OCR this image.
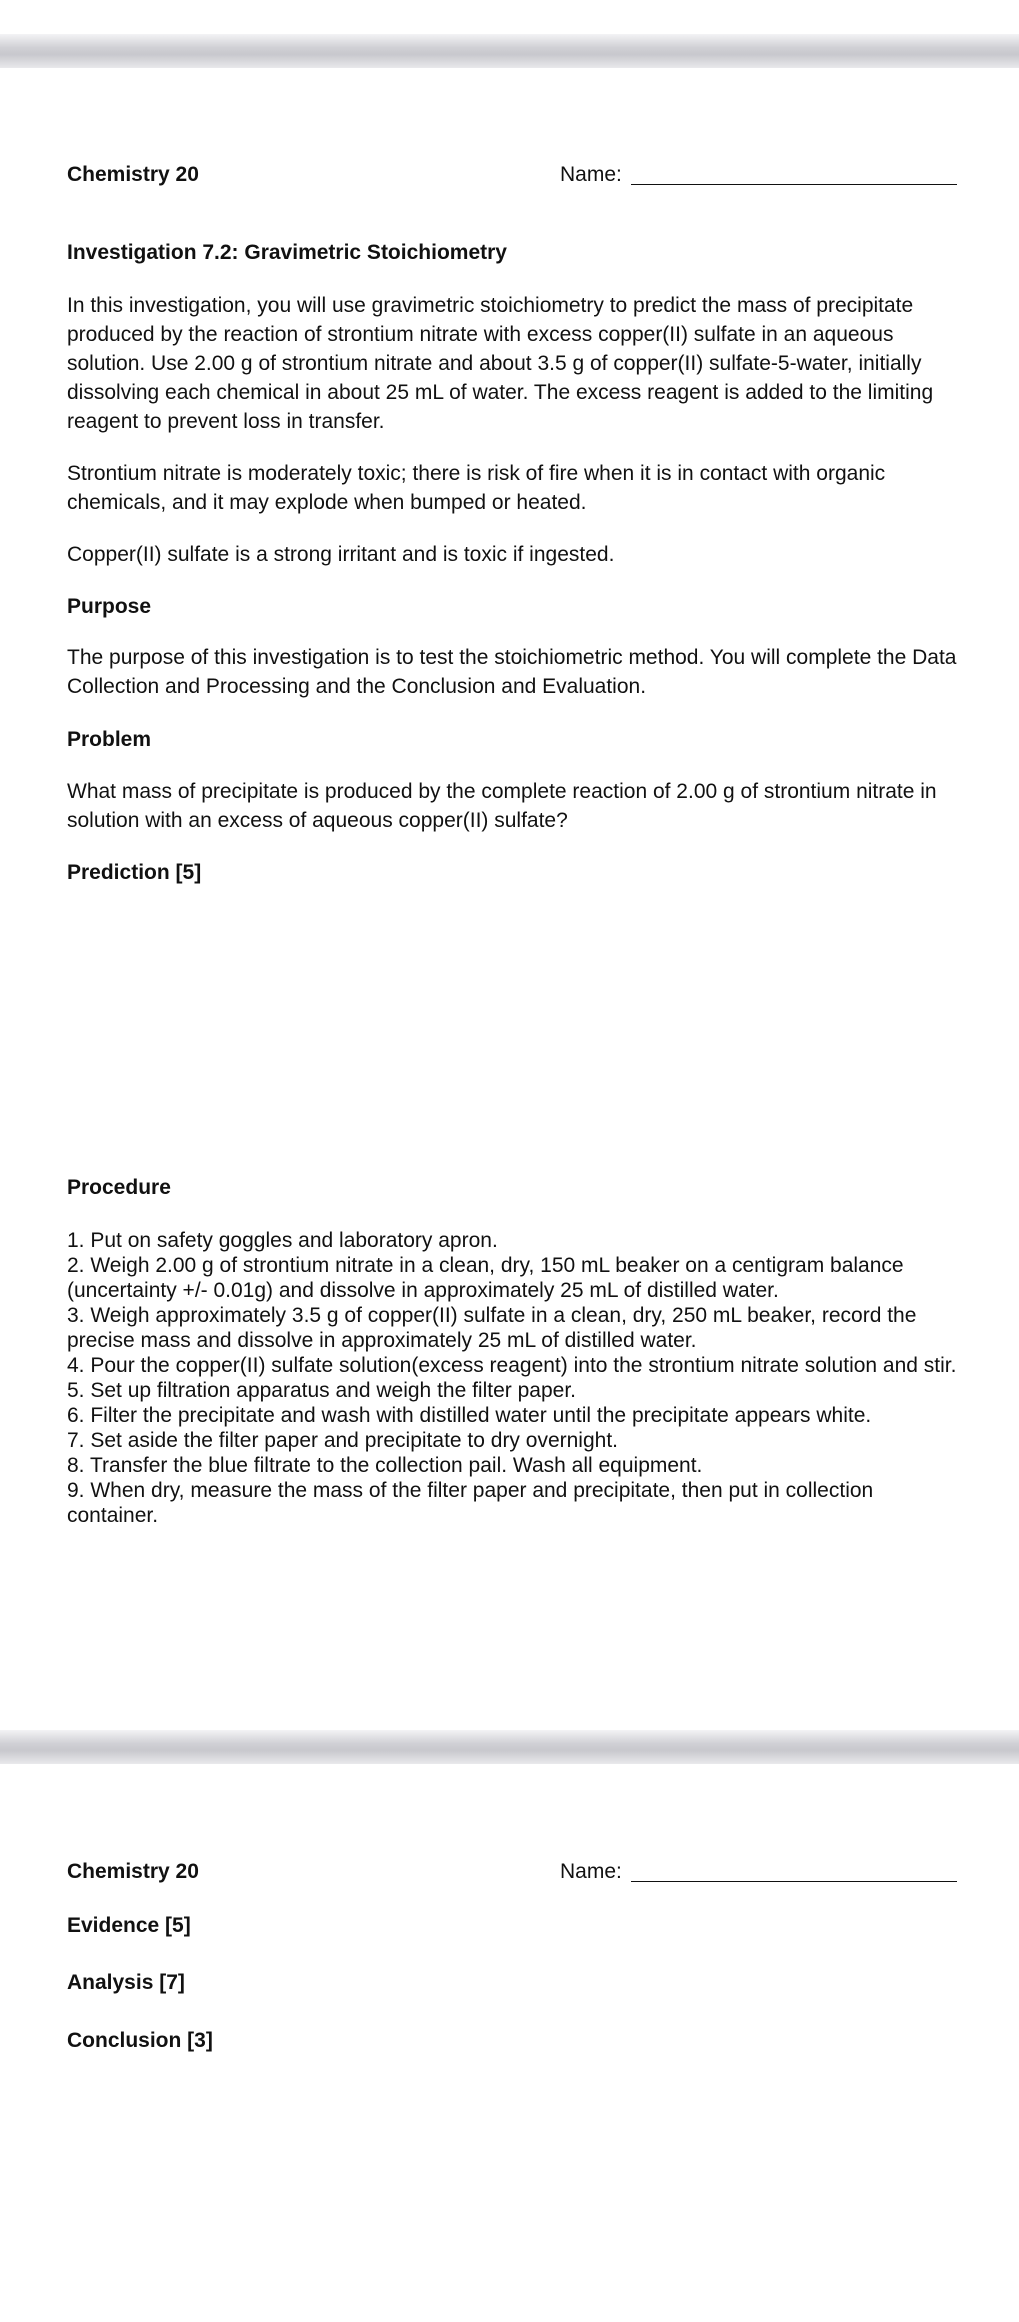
Chemistry 20	Name:

Investigation 7.2: Gravimetric Stoichiometry

In this investigation, you will use gravimetric stoichiometry to predict the mass of precipitate produced by the reaction of strontium nitrate with excess copper(II) sulfate in an aqueous solution. Use 2.00 g of strontium nitrate and about 3.5 g of copper(II) sulfate-5-water, initially dissolving each chemical in about 25 mL of water. The excess reagent is added to the limiting reagent to prevent loss in transfer.

Strontium nitrate is moderately toxic; there is risk of fire when it is in contact with organic chemicals, and it may explode when bumped or heated.

Copper(II) sulfate is a strong irritant and is toxic if ingested.

Purpose

The purpose of this investigation is to test the stoichiometric method. You will complete the Data Collection and Processing and the Conclusion and Evaluation.

Problem

What mass of precipitate is produced by the complete reaction of 2.00 g of strontium nitrate in solution with an excess of aqueous copper(II) sulfate?

Prediction [5]

Procedure

1. Put on safety goggles and laboratory apron.
2. Weigh 2.00 g of strontium nitrate in a clean, dry, 150 mL beaker on a centigram balance (uncertainty +/- 0.01g) and dissolve in approximately 25 mL of distilled water.
3. Weigh approximately 3.5 g of copper(II) sulfate in a clean, dry, 250 mL beaker, record the precise mass and dissolve in approximately 25 mL of distilled water.
4. Pour the copper(II) sulfate solution(excess reagent) into the strontium nitrate solution and stir.
5. Set up filtration apparatus and weigh the filter paper.
6. Filter the precipitate and wash with distilled water until the precipitate appears white.
7. Set aside the filter paper and precipitate to dry overnight.
8. Transfer the blue filtrate to the collection pail. Wash all equipment.
9. When dry, measure the mass of the filter paper and precipitate, then put in collection container.
Chemistry 20	Name:

Evidence [5]

Analysis [7]

Conclusion [3]
